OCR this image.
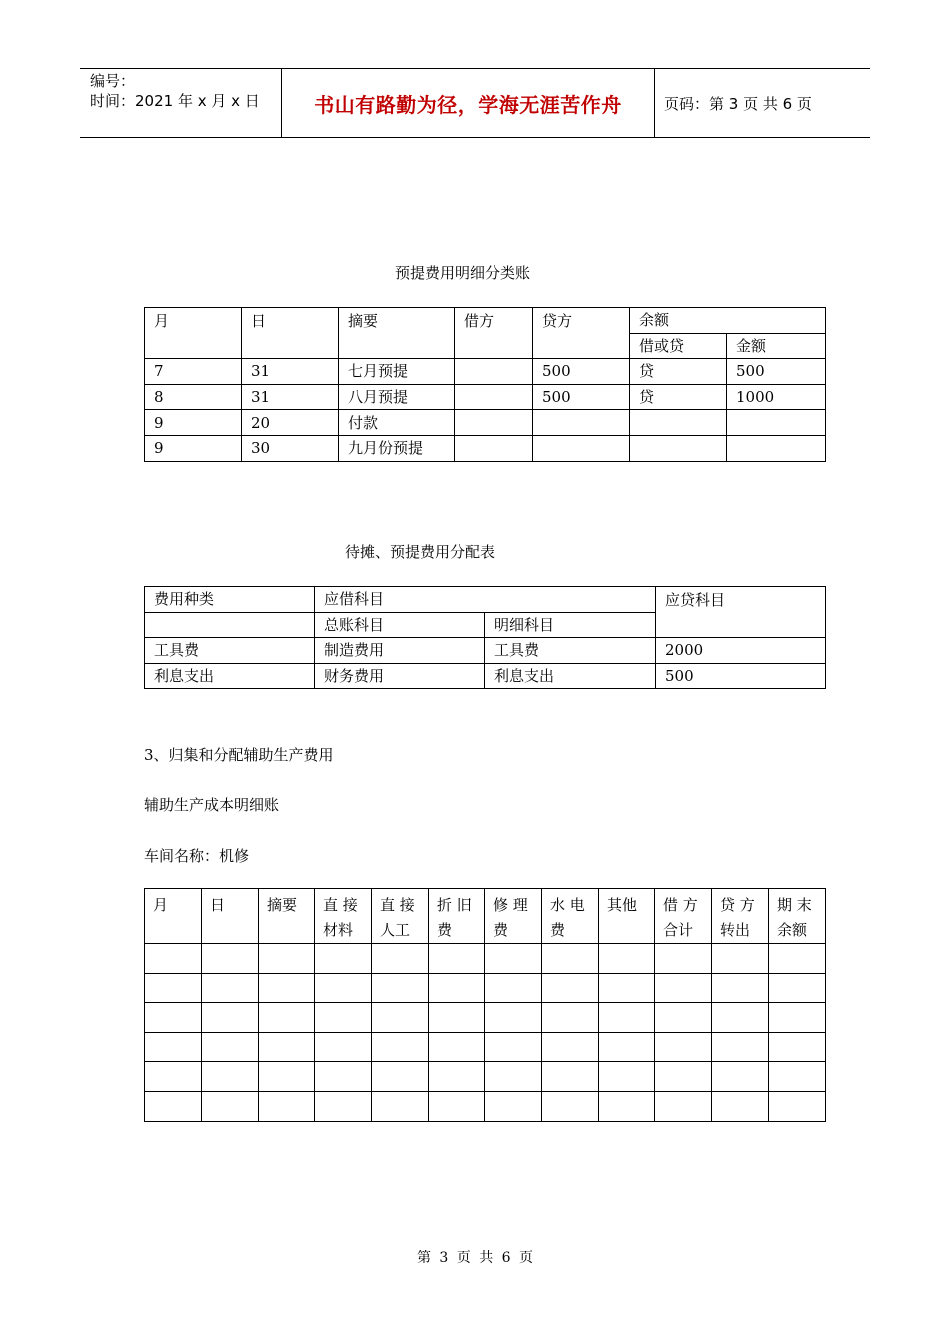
编号：
时间：2021 年 x 月 x 日	书山有路勤为径，学海无涯苦作舟	页码：第 3 页 共 6 页
预提费用明细分类账
月	日	摘要	借方	贷方	余额	
					借或贷	金额
7	31	七月预提		500	贷	500
8	31	八月预提		500	贷	1000
9	20	付款				
9	30	九月份预提				
待摊、预提费用分配表
费用种类	应借科目		应贷科目
	总账科目	明细科目	
工具费	制造费用	工具费	2000
利息支出	财务费用	利息支出	500
3、归集和分配辅助生产费用
辅助生产成本明细账
车间名称：机修
月	日	摘要	直 接 材料	直 接 人工	折 旧 费	修 理 费	水 电 费	其他	借 方 合计	贷 方 转出	期 末 余额

第 3 页 共 6 页
